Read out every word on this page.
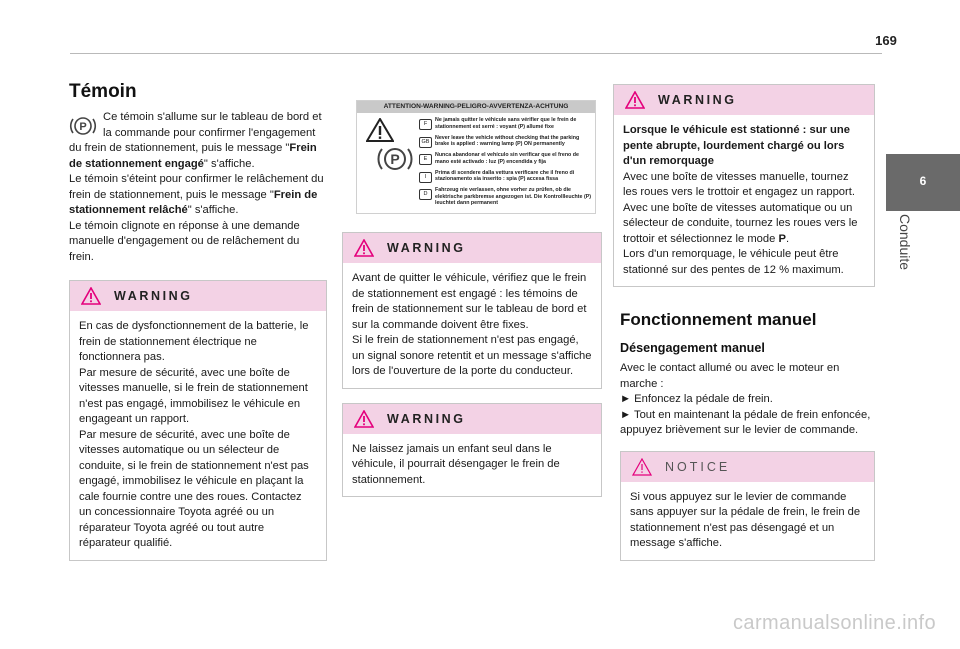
169
6
Conduite
Témoin
P

Ce témoin s'allume sur le tableau de bord et la commande pour confirmer l'engagement du frein de stationnement, puis le message "Frein de stationnement engagé" s'affiche.

Le témoin s'éteint pour confirmer le relâchement du frein de stationnement, puis le message "Frein de stationnement relâché" s'affiche.

Le témoin clignote en réponse à une demande manuelle d'engagement ou de relâchement du frein.

WARNING

En cas de dysfonctionnement de la batterie, le frein de stationnement électrique ne fonctionnera pas.

Par mesure de sécurité, avec une boîte de vitesses manuelle, si le frein de stationnement n'est pas engagé, immobilisez le véhicule en engageant un rapport.

Par mesure de sécurité, avec une boîte de vitesses automatique ou un sélecteur de conduite, si le frein de stationnement n'est pas engagé, immobilisez le véhicule en plaçant la cale fournie contre une des roues. Contactez un concessionnaire Toyota agréé ou un réparateur Toyota agréé ou tout autre réparateur qualifié.

ATTENTION-WARNING-PELIGRO-AVVERTENZA-ACHTUNG
P
F
Ne jamais quitter le véhicule sans vérifier que le frein de stationnement est serré : voyant (P) allumé fixe
GB
Never leave the vehicle without checking that the parking brake is applied : warning lamp (P) ON permanently
E
Nunca abandonar el vehículo sin verificar que el freno de mano esté activado : luz (P) encendida y fija
I
Prima di scendere dalla vettura verificare che il freno di stazionamento sia inserito : spia (P) accesa fissa
D
Fahrzeug nie verlassen, ohne vorher zu prüfen, ob die elektrische parkbremse angezogen ist. Die Kontrollleuchte (P) leuchtet dann permanent
WARNING

Avant de quitter le véhicule, vérifiez que le frein de stationnement est engagé : les témoins de frein de stationnement sur le tableau de bord et sur la commande doivent être fixes.

Si le frein de stationnement n'est pas engagé, un signal sonore retentit et un message s'affiche lors de l'ouverture de la porte du conducteur.

WARNING

Ne laissez jamais un enfant seul dans le véhicule, il pourrait désengager le frein de stationnement.

WARNING

Lorsque le véhicule est stationné : sur une pente abrupte, lourdement chargé ou lors d'un remorquage

Avec une boîte de vitesses manuelle, tournez les roues vers le trottoir et engagez un rapport.

Avec une boîte de vitesses automatique ou un sélecteur de conduite, tournez les roues vers le trottoir et sélectionnez le mode P.

Lors d'un remorquage, le véhicule peut être stationné sur des pentes de 12 % maximum.

Fonctionnement manuel
Désengagement manuel

Avec le contact allumé ou avec le moteur en marche :

► Enfoncez la pédale de frein.

► Tout en maintenant la pédale de frein enfoncée, appuyez brièvement sur le levier de commande.

NOTICE

Si vous appuyez sur le levier de commande sans appuyer sur la pédale de frein, le frein de stationnement n'est pas désengagé et un message s'affiche.

carmanualsonline.info
